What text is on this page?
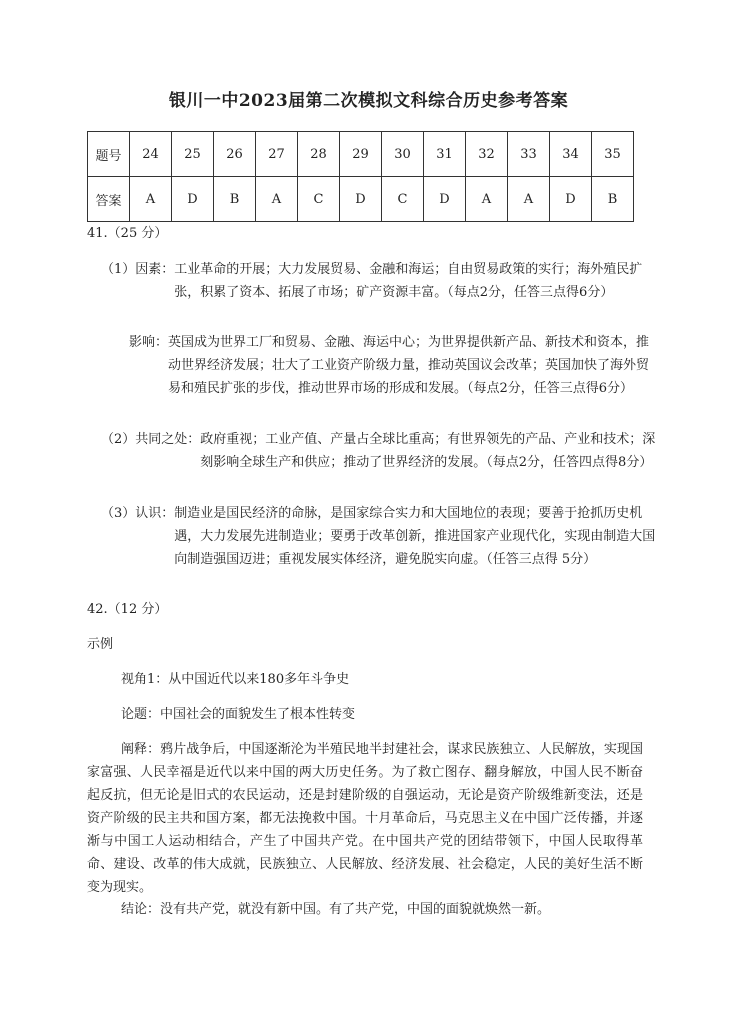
银川一中2023届第二次模拟文科综合历史参考答案
题号	24	25	26	27	28	29	30	31	32	33	34	35
答案	A	D	B	A	C	D	C	D	A	A	D	B
41.（25 分）
（1）因素： 工业革命的开展；大力发展贸易、金融和海运；自由贸易政策的实行；海外殖民扩张，积累了资本、拓展了市场；矿产资源丰富。（每点2分，任答三点得6分）
影响： 英国成为世界工厂和贸易、金融、海运中心；为世界提供新产品、新技术和资本，推动世界经济发展；壮大了工业资产阶级力量，推动英国议会改革；英国加快了海外贸易和殖民扩张的步伐，推动世界市场的形成和发展。（每点2分，任答三点得6分）
（2）共同之处： 政府重视；工业产值、产量占全球比重高；有世界领先的产品、产业和技术；深刻影响全球生产和供应；推动了世界经济的发展。（每点2分，任答四点得8分）
（3）认识： 制造业是国民经济的命脉，是国家综合实力和大国地位的表现；要善于抢抓历史机遇，大力发展先进制造业；要勇于改革创新，推进国家产业现代化，实现由制造大国向制造强国迈进；重视发展实体经济，避免脱实向虚。（任答三点得 5分）
42.（12 分）
示例
视角1：从中国近代以来180多年斗争史
论题：中国社会的面貌发生了根本性转变
阐释：鸦片战争后，中国逐渐沦为半殖民地半封建社会，谋求民族独立、人民解放，实现国家富强、人民幸福是近代以来中国的两大历史任务。为了救亡图存、翻身解放，中国人民不断奋起反抗，但无论是旧式的农民运动，还是封建阶级的自强运动，无论是资产阶级维新变法，还是资产阶级的民主共和国方案，都无法挽救中国。十月革命后，马克思主义在中国广泛传播，并逐渐与中国工人运动相结合，产生了中国共产党。在中国共产党的团结带领下，中国人民取得革命、建设、改革的伟大成就，民族独立、人民解放、经济发展、社会稳定，人民的美好生活不断变为现实。
结论：没有共产党，就没有新中国。有了共产党，中国的面貌就焕然一新。
